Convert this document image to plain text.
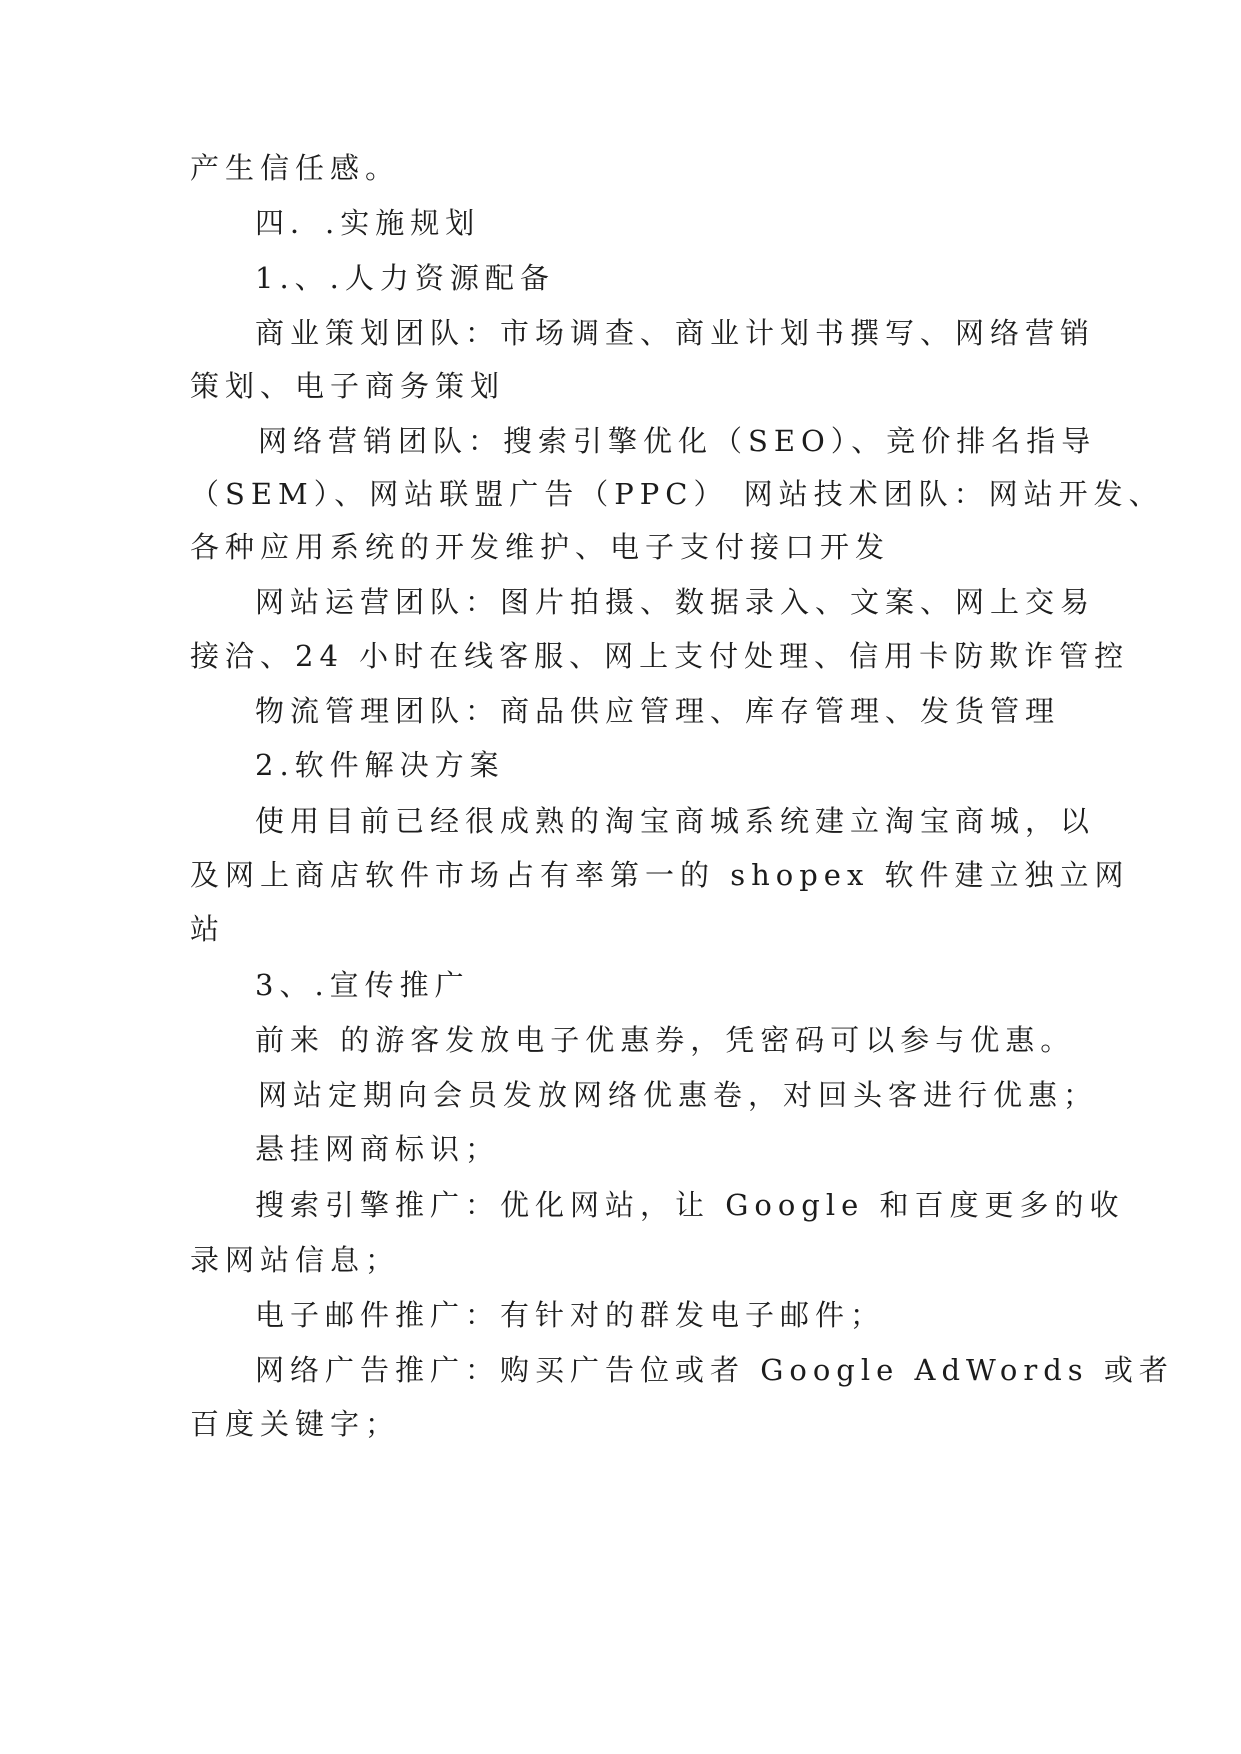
产生信任感。
四．.实施规划
1.、.人力资源配备
商业策划团队：市场调查、商业计划书撰写、网络营销
策划、电子商务策划
网络营销团队：搜索引擎优化（SEO）、竞价排名指导
（SEM）、网站联盟广告（PPC） 网站技术团队：网站开发、
各种应用系统的开发维护、电子支付接口开发
网站运营团队：图片拍摄、数据录入、文案、网上交易
接洽、24 小时在线客服、网上支付处理、信用卡防欺诈管控
物流管理团队：商品供应管理、库存管理、发货管理
2.软件解决方案
使用目前已经很成熟的淘宝商城系统建立淘宝商城，以
及网上商店软件市场占有率第一的 shopex 软件建立独立网
站
3、.宣传推广
前来 的游客发放电子优惠券，凭密码可以参与优惠。
网站定期向会员发放网络优惠卷，对回头客进行优惠；
悬挂网商标识；
搜索引擎推广：优化网站，让 Google 和百度更多的收
录网站信息；
电子邮件推广：有针对的群发电子邮件；
网络广告推广：购买广告位或者 Google AdWords 或者
百度关键字；
